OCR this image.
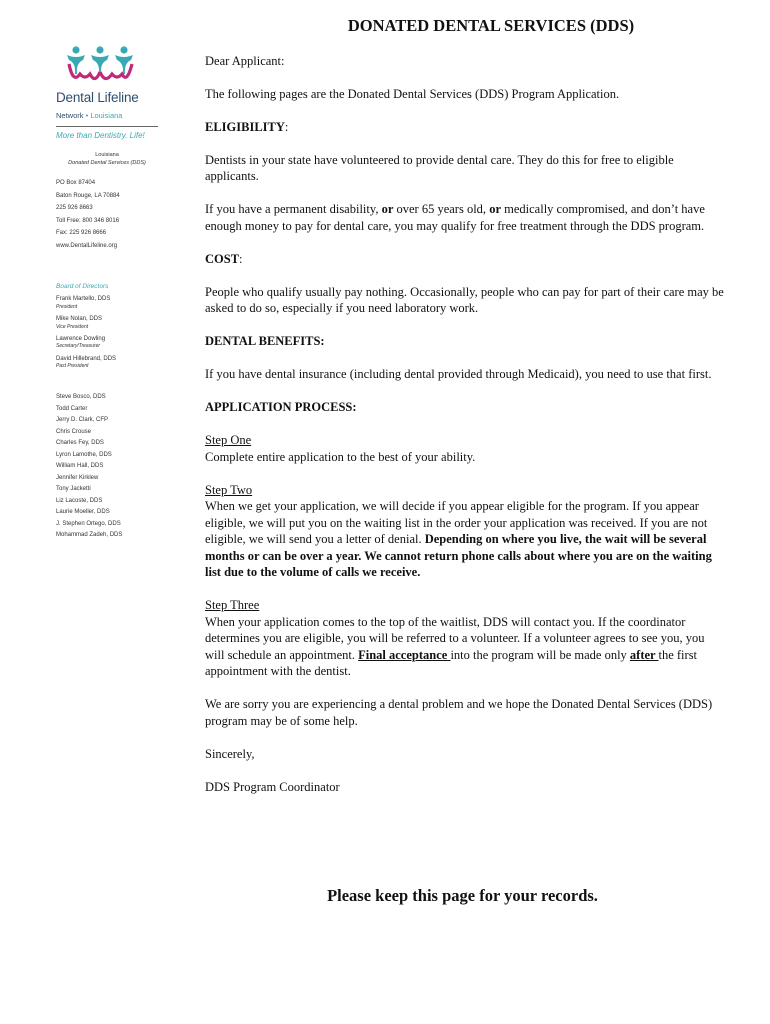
Dental Lifeline
Network • Louisiana
More than Dentistry. Life!
Louisiana
Donated Dental Services (DDS)
PO Box 87404
Baton Rouge, LA 70884
225 926 8663
Toll Free: 800 346 8016
Fax: 225 926 8666
www.DentalLifeline.org
Board of Directors
Frank Martello, DDS
President
Mike Nolan, DDS
Vice President
Lawrence Dowling
Secretary/Treasurer
David Hillebrand, DDS
Past President
Steve Bosco, DDS
Todd Carter
Jerry D. Clark, CFP
Chris Crouse
Charles Fey, DDS
Lyron Lamothe, DDS
William Hall, DDS
Jennifer Kirklew
Tony Jacketti
Liz Lacoste, DDS
Laurie Moeller, DDS
J. Stephen Ortego, DDS
Mohammad Zadeh, DDS
DONATED DENTAL SERVICES (DDS)

Dear Applicant:

The following pages are the Donated Dental Services (DDS) Program Application.

ELIGIBILITY:

Dentists in your state have volunteered to provide dental care. They do this for free to eligible applicants.

If you have a permanent disability, or over 65 years old, or medically compromised, and don’t have enough money to pay for dental care, you may qualify for free treatment through the DDS program.

COST:

People who qualify usually pay nothing. Occasionally, people who can pay for part of their care may be asked to do so, especially if you need laboratory work.

DENTAL BENEFITS:

If you have dental insurance (including dental provided through Medicaid), you need to use that first.

APPLICATION PROCESS:

Step One
Complete entire application to the best of your ability.

Step Two
When we get your application, we will decide if you appear eligible for the program. If you appear eligible, we will put you on the waiting list in the order your application was received. If you are not eligible, we will send you a letter of denial. Depending on where you live, the wait will be several months or can be over a year. We cannot return phone calls about where you are on the waiting list due to the volume of calls we receive.

Step Three
When your application comes to the top of the waitlist, DDS will contact you. If the coordinator determines you are eligible, you will be referred to a volunteer. If a volunteer agrees to see you, you will schedule an appointment. Final acceptance into the program will be made only after the first appointment with the dentist.

We are sorry you are experiencing a dental problem and we hope the Donated Dental Services (DDS) program may be of some help.

Sincerely,

DDS Program Coordinator

Please keep this page for your records.
